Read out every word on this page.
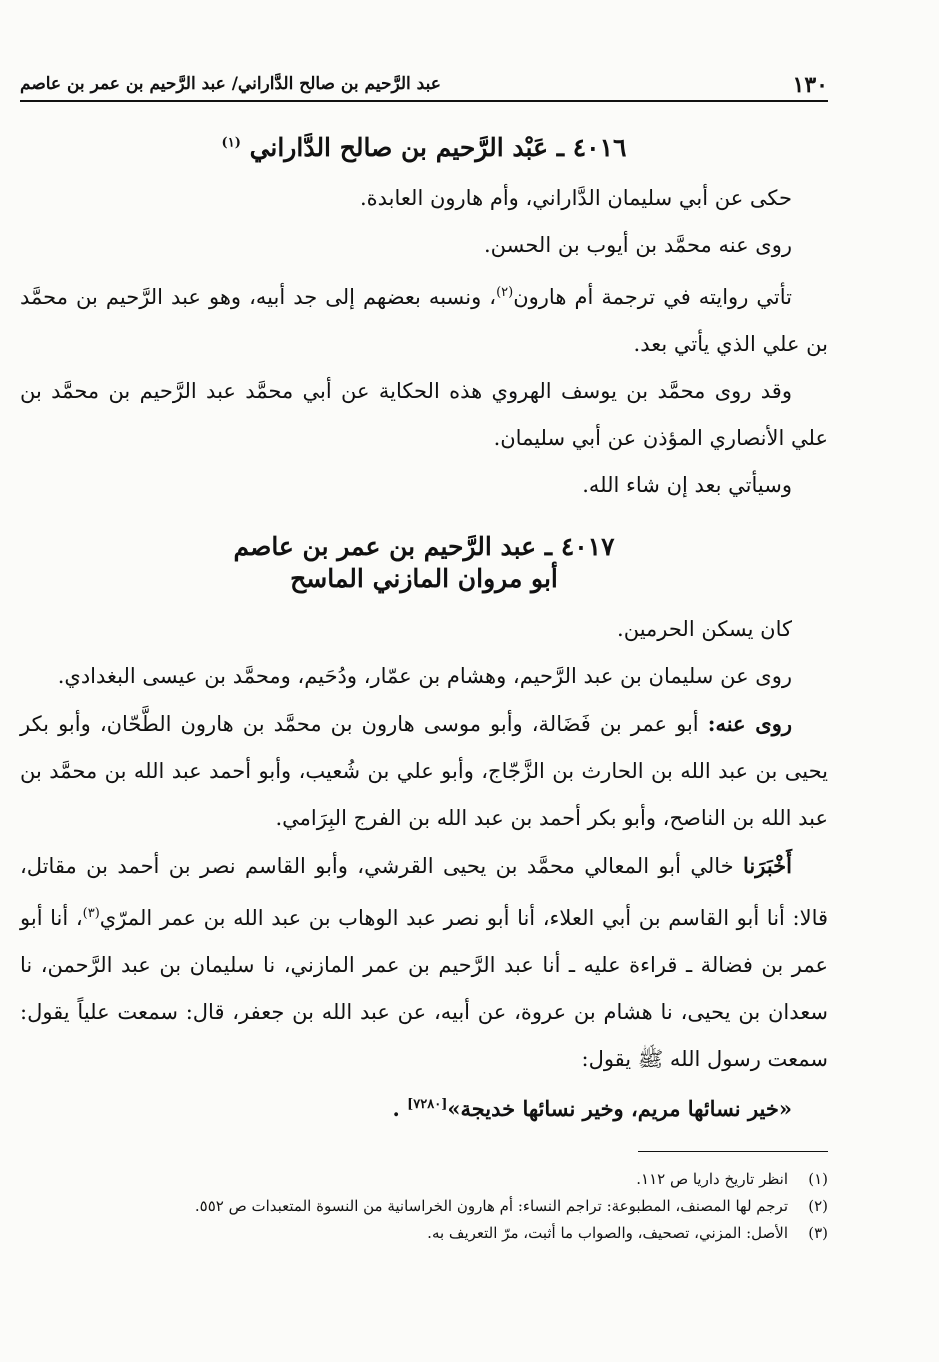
١٣٠
عبد الرَّحيم بن صالح الدَّاراني/ عبد الرَّحيم بن عمر بن عاصم
٤٠١٦ ـ عَبْد الرَّحيم بن صالح الدَّاراني $^{(١)}$

حكى عن أبي سليمان الدَّاراني، وأم هارون العابدة.

روى عنه محمَّد بن أيوب بن الحسن.

تأتي روايته في ترجمة أم هارون$^{(٢)}$، ونسبه بعضهم إلى جد أبيه، وهو عبد الرَّحيم بن محمَّد بن علي الذي يأتي بعد.

وقد روى محمَّد بن يوسف الهروي هذه الحكاية عن أبي محمَّد عبد الرَّحيم بن محمَّد بن علي الأنصاري المؤذن عن أبي سليمان.

وسيأتي بعد إن شاء الله.

٤٠١٧ ـ عبد الرَّحيم بن عمر بن عاصم
أبو مروان المازني الماسح

كان يسكن الحرمين.

روى عن سليمان بن عبد الرَّحيم، وهشام بن عمّار، ودُحَيم، ومحمَّد بن عيسى البغدادي.

روى عنه: أبو عمر بن فَضَالة، وأبو موسى هارون بن محمَّد بن هارون الطَّحّان، وأبو بكر يحيى بن عبد الله بن الحارث بن الزَّجّاج، وأبو علي بن شُعيب، وأبو أحمد عبد الله بن محمَّد بن عبد الله بن الناصح، وأبو بكر أحمد بن عبد الله بن الفرج البِرَامي.

أَخْبَرَنا خالي أبو المعالي محمَّد بن يحيى القرشي، وأبو القاسم نصر بن أحمد بن مقاتل، قالا: أنا أبو القاسم بن أبي العلاء، أنا أبو نصر عبد الوهاب بن عبد الله بن عمر المرّي$^{(٣)}$، أنا أبو عمر بن فضالة ـ قراءة عليه ـ أنا عبد الرَّحيم بن عمر المازني، نا سليمان بن عبد الرَّحمن، نا سعدان بن يحيى، نا هشام بن عروة، عن أبيه، عن عبد الله بن جعفر، قال: سمعت علياً يقول: سمعت رسول الله ﷺ يقول:

«خير نسائها مريم، وخير نسائها خديجة»[٧٢٨٠] .
(١)
انظر تاريخ داريا ص ١١٢.
(٢)
ترجم لها المصنف، المطبوعة: تراجم النساء: أم هارون الخراسانية من النسوة المتعبدات ص ٥٥٢.
(٣)
الأصل: المزني، تصحيف، والصواب ما أثبت، مرّ التعريف به.
